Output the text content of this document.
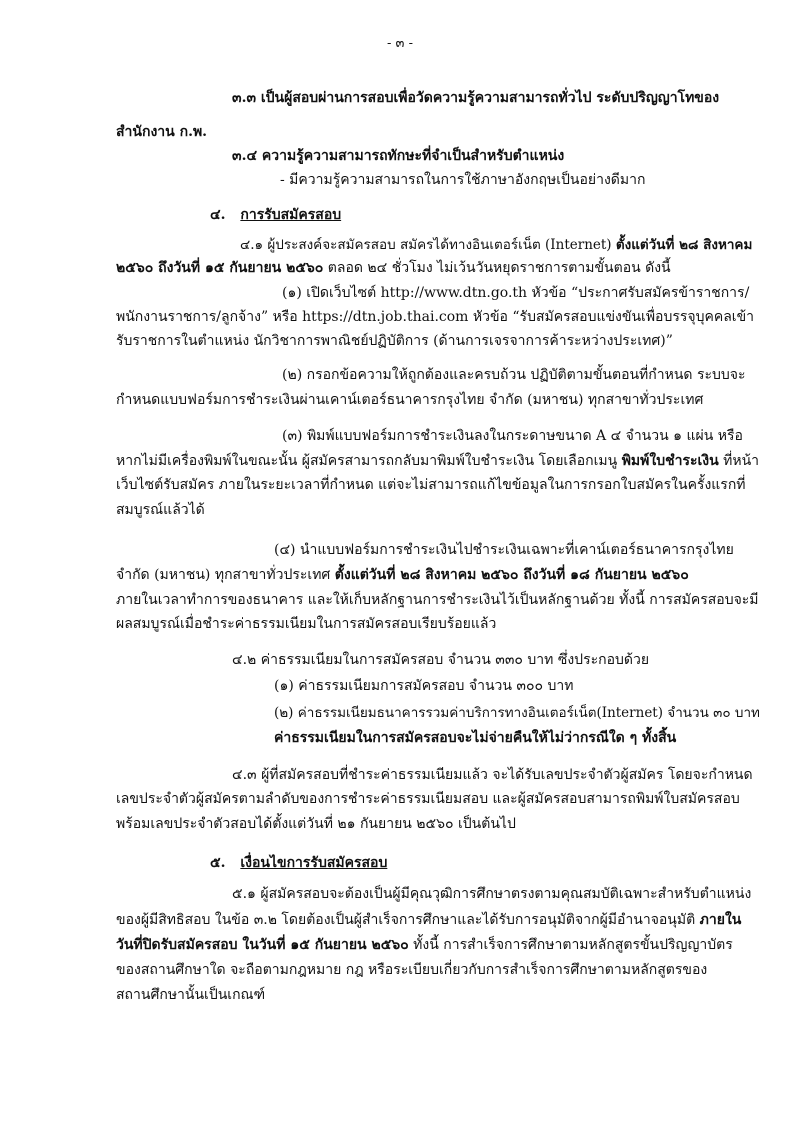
- ๓ -

๓.๓ เป็นผู้สอบผ่านการสอบเพื่อวัดความรู้ความสามารถทั่วไป ระดับปริญญาโทของ

สำนักงาน ก.พ.

๓.๔ ความรู้ความสามารถทักษะที่จำเป็นสำหรับตำแหน่ง

- มีความรู้ความสามารถในการใช้ภาษาอังกฤษเป็นอย่างดีมาก

๔. การรับสมัครสอบ

๔.๑ ผู้ประสงค์จะสมัครสอบ สมัครได้ทางอินเตอร์เน็ต (Internet) ตั้งแต่วันที่ ๒๘ สิงหาคม

๒๕๖๐ ถึงวันที่ ๑๕ กันยายน ๒๕๖๐ ตลอด ๒๔ ชั่วโมง ไม่เว้นวันหยุดราชการตามขั้นตอน ดังนี้

(๑) เปิดเว็บไซต์ http://www.dtn.go.th หัวข้อ “ประกาศรับสมัครข้าราชการ/

พนักงานราชการ/ลูกจ้าง” หรือ https://dtn.job.thai.com หัวข้อ “รับสมัครสอบแข่งขันเพื่อบรรจุบุคคลเข้า

รับราชการในตำแหน่ง นักวิชาการพาณิชย์ปฏิบัติการ (ด้านการเจรจาการค้าระหว่างประเทศ)”

(๒) กรอกข้อความให้ถูกต้องและครบถ้วน ปฏิบัติตามขั้นตอนที่กำหนด ระบบจะ

กำหนดแบบฟอร์มการชำระเงินผ่านเคาน์เตอร์ธนาคารกรุงไทย จำกัด (มหาชน) ทุกสาขาทั่วประเทศ

(๓) พิมพ์แบบฟอร์มการชำระเงินลงในกระดาษขนาด A ๔ จำนวน ๑ แผ่น หรือ

หากไม่มีเครื่องพิมพ์ในขณะนั้น ผู้สมัครสามารถกลับมาพิมพ์ใบชำระเงิน โดยเลือกเมนู พิมพ์ใบชำระเงิน ที่หน้า

เว็บไซต์รับสมัคร ภายในระยะเวลาที่กำหนด แต่จะไม่สามารถแก้ไขข้อมูลในการกรอกใบสมัครในครั้งแรกที่

สมบูรณ์แล้วได้

(๔) นำแบบฟอร์มการชำระเงินไปชำระเงินเฉพาะที่เคาน์เตอร์ธนาคารกรุงไทย

จำกัด (มหาชน) ทุกสาขาทั่วประเทศ ตั้งแต่วันที่ ๒๘ สิงหาคม ๒๕๖๐ ถึงวันที่ ๑๘ กันยายน ๒๕๖๐

ภายในเวลาทำการของธนาคาร และให้เก็บหลักฐานการชำระเงินไว้เป็นหลักฐานด้วย ทั้งนี้ การสมัครสอบจะมี

ผลสมบูรณ์เมื่อชำระค่าธรรมเนียมในการสมัครสอบเรียบร้อยแล้ว

๔.๒ ค่าธรรมเนียมในการสมัครสอบ จำนวน ๓๓๐ บาท ซึ่งประกอบด้วย

(๑) ค่าธรรมเนียมการสมัครสอบ จำนวน ๓๐๐ บาท

(๒) ค่าธรรมเนียมธนาคารรวมค่าบริการทางอินเตอร์เน็ต(Internet) จำนวน ๓๐ บาท

ค่าธรรมเนียมในการสมัครสอบจะไม่จ่ายคืนให้ไม่ว่ากรณีใด ๆ ทั้งสิ้น

๔.๓ ผู้ที่สมัครสอบที่ชำระค่าธรรมเนียมแล้ว จะได้รับเลขประจำตัวผู้สมัคร โดยจะกำหนด

เลขประจำตัวผู้สมัครตามลำดับของการชำระค่าธรรมเนียมสอบ และผู้สมัครสอบสามารถพิมพ์ใบสมัครสอบ

พร้อมเลขประจำตัวสอบได้ตั้งแต่วันที่ ๒๑ กันยายน ๒๕๖๐ เป็นต้นไป

๕. เงื่อนไขการรับสมัครสอบ

๕.๑ ผู้สมัครสอบจะต้องเป็นผู้มีคุณวุฒิการศึกษาตรงตามคุณสมบัติเฉพาะสำหรับตำแหน่ง

ของผู้มีสิทธิสอบ ในข้อ ๓.๒ โดยต้องเป็นผู้สำเร็จการศึกษาและได้รับการอนุมัติจากผู้มีอำนาจอนุมัติ ภายใน

วันที่ปิดรับสมัครสอบ ในวันที่ ๑๕ กันยายน ๒๕๖๐ ทั้งนี้ การสำเร็จการศึกษาตามหลักสูตรขั้นปริญญาบัตร

ของสถานศึกษาใด จะถือตามกฎหมาย กฎ หรือระเบียบเกี่ยวกับการสำเร็จการศึกษาตามหลักสูตรของ

สถานศึกษานั้นเป็นเกณฑ์
